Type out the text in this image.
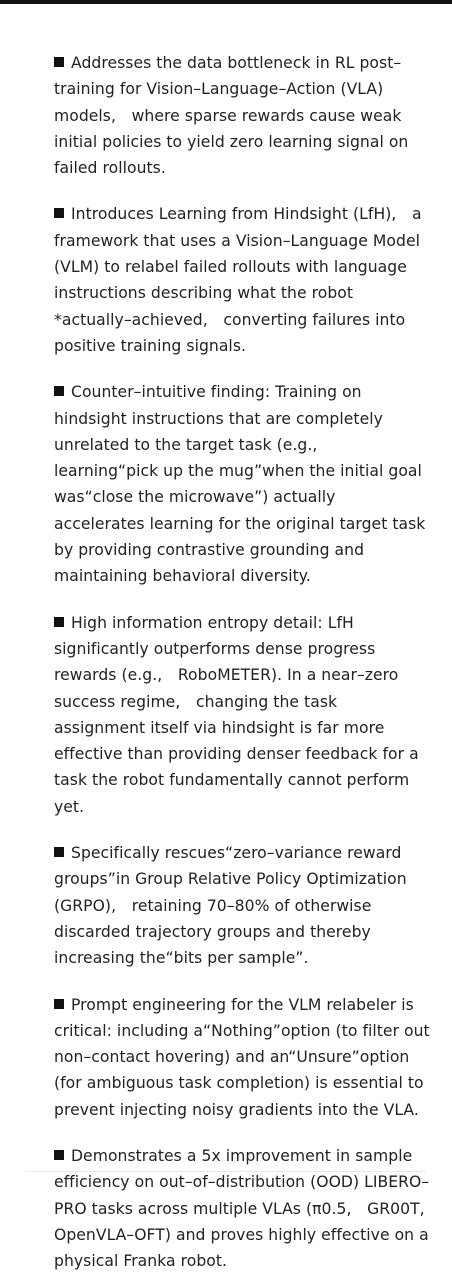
Addresses the data bottleneck in RL post–training for Vision–Language–Action (VLA) models,　where sparse rewards cause weak initial policies to yield zero learning signal on failed rollouts.
Introduces Learning from Hindsight (LfH),　a framework that uses a Vision–Language Model (VLM) to relabel failed rollouts with language instructions describing what the robot *actually–achieved,　converting failures into positive training signals.
Counter–intuitive finding: Training on hindsight instructions that are completely unrelated to the target task (e.g.,　learning“pick up the mug”when the initial goal was“close the microwave”) actually accelerates learning for the original target task by providing contrastive grounding and maintaining behavioral diversity.
High information entropy detail: LfH significantly outperforms dense progress rewards (e.g.,　RoboMETER). In a near–zero success regime,　changing the task assignment itself via hindsight is far more effective than providing denser feedback for a task the robot fundamentally cannot perform yet.
Specifically rescues“zero–variance reward groups”in Group Relative Policy Optimization (GRPO),　retaining 70–80% of otherwise discarded trajectory groups and thereby increasing the“bits per sample”.
Prompt engineering for the VLM relabeler is critical: including a“Nothing”option (to filter out non–contact hovering) and an“Unsure”option (for ambiguous task completion) is essential to prevent injecting noisy gradients into the VLA.
Demonstrates a 5x improvement in sample efficiency on out–of–distribution (OOD) LIBERO–PRO tasks across multiple VLAs (π0.5,　GR00T,　OpenVLA–OFT) and proves highly effective on a physical Franka robot.
